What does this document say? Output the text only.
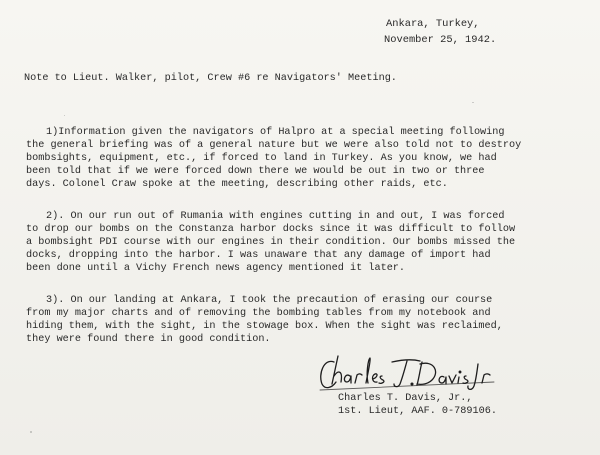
Ankara, Turkey,
November 25, 1942.
Note to Lieut. Walker, pilot, Crew #6 re Navigators' Meeting.
1)Information given the navigators of Halpro at a special meeting following
the general briefing was of a general nature but we were also told not to destroy
bombsights, equipment, etc., if forced to land in Turkey. As you know, we had
been told that if we were forced down there we would be out in two or three
days. Colonel Craw spoke at the meeting, describing other raids, etc.
2). On our run out of Rumania with engines cutting in and out, I was forced
to drop our bombs on the Constanza harbor docks since it was difficult to follow
a bombsight PDI course with our engines in their condition. Our bombs missed the
docks, dropping into the harbor. I was unaware that any damage of import had
been done until a Vichy French news agency mentioned it later.
3). On our landing at Ankara, I took the precaution of erasing our course
from my major charts and of removing the bombing tables from my notebook and
hiding them, with the sight, in the stowage box. When the sight was reclaimed,
they were found there in good condition.
Charles T. Davis, Jr.,
1st. Lieut, AAF. 0-789106.
